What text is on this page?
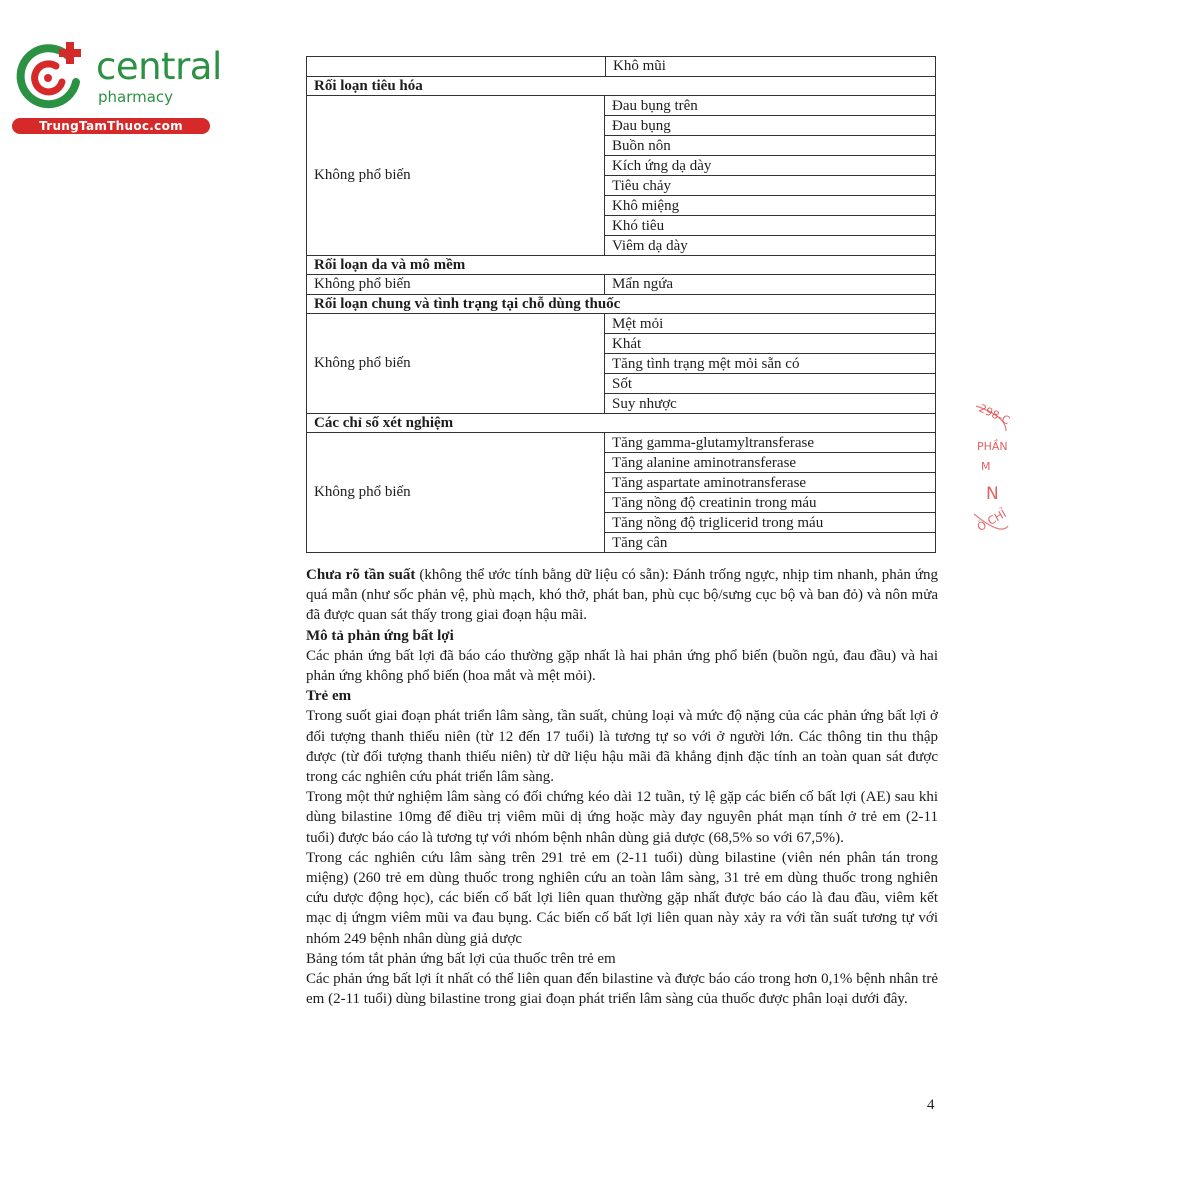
central
pharmacy
TrungTamThuoc.com
Khô mũi
Rối loạn tiêu hóa
Không phổ biến
Đau bụng trên
Đau bụng
Buồn nôn
Kích ứng dạ dày
Tiêu chảy
Khô miệng
Khó tiêu
Viêm dạ dày
Rối loạn da và mô mềm
Không phổ biến	Mẩn ngứa
Rối loạn chung và tình trạng tại chỗ dùng thuốc
Không phổ biến
Mệt mỏi
Khát
Tăng tình trạng mệt mỏi sẵn có
Sốt
Suy nhược
Các chỉ số xét nghiệm
Không phổ biến
Tăng gamma-glutamyltransferase
Tăng alanine aminotransferase
Tăng aspartate aminotransferase
Tăng nồng độ creatinin trong máu
Tăng nồng độ triglicerid trong máu
Tăng cân

Chưa rõ tần suất (không thể ước tính bằng dữ liệu có sẵn): Đánh trống ngực, nhịp tim nhanh, phản ứng quá mẫn (như sốc phản vệ, phù mạch, khó thở, phát ban, phù cục bộ/sưng cục bộ và ban đỏ) và nôn mửa đã được quan sát thấy trong giai đoạn hậu mãi.

Mô tả phản ứng bất lợi

Các phản ứng bất lợi đã báo cáo thường gặp nhất là hai phản ứng phổ biến (buồn ngủ, đau đầu) và hai phản ứng không phổ biến (hoa mắt và mệt mỏi).

Trẻ em

Trong suốt giai đoạn phát triển lâm sàng, tần suất, chủng loại và mức độ nặng của các phản ứng bất lợi ở đối tượng thanh thiếu niên (từ 12 đến 17 tuổi) là tương tự so với ở người lớn. Các thông tin thu thập được (từ đối tượng thanh thiếu niên) từ dữ liệu hậu mãi đã khẳng định đặc tính an toàn quan sát được trong các nghiên cứu phát triển lâm sàng.

Trong một thử nghiệm lâm sàng có đối chứng kéo dài 12 tuần, tỷ lệ gặp các biến cố bất lợi (AE) sau khi dùng bilastine 10mg để điều trị viêm mũi dị ứng hoặc mày đay nguyên phát mạn tính ở trẻ em (2-11 tuổi) được báo cáo là tương tự với nhóm bệnh nhân dùng giả dược (68,5% so với 67,5%).

Trong các nghiên cứu lâm sàng trên 291 trẻ em (2-11 tuổi) dùng bilastine (viên nén phân tán trong miệng) (260 trẻ em dùng thuốc trong nghiên cứu an toàn lâm sàng, 31 trẻ em dùng thuốc trong nghiên cứu dược động học), các biến cố bất lợi liên quan thường gặp nhất được báo cáo là đau đầu, viêm kết mạc dị ứngm viêm mũi va đau bụng. Các biến cố bất lợi liên quan này xảy ra với tần suất tương tự với nhóm 249 bệnh nhân dùng giả dược

Bảng tóm tắt phản ứng bất lợi của thuốc trên trẻ em

Các phản ứng bất lợi ít nhất có thể liên quan đến bilastine và được báo cáo trong hơn 0,1% bệnh nhân trẻ em (2-11 tuổi) dùng bilastine trong giai đoạn phát triển lâm sàng của thuốc được phân loại dưới đây.

4
298-C
PHẦN
M
N
Ó CHỈ
